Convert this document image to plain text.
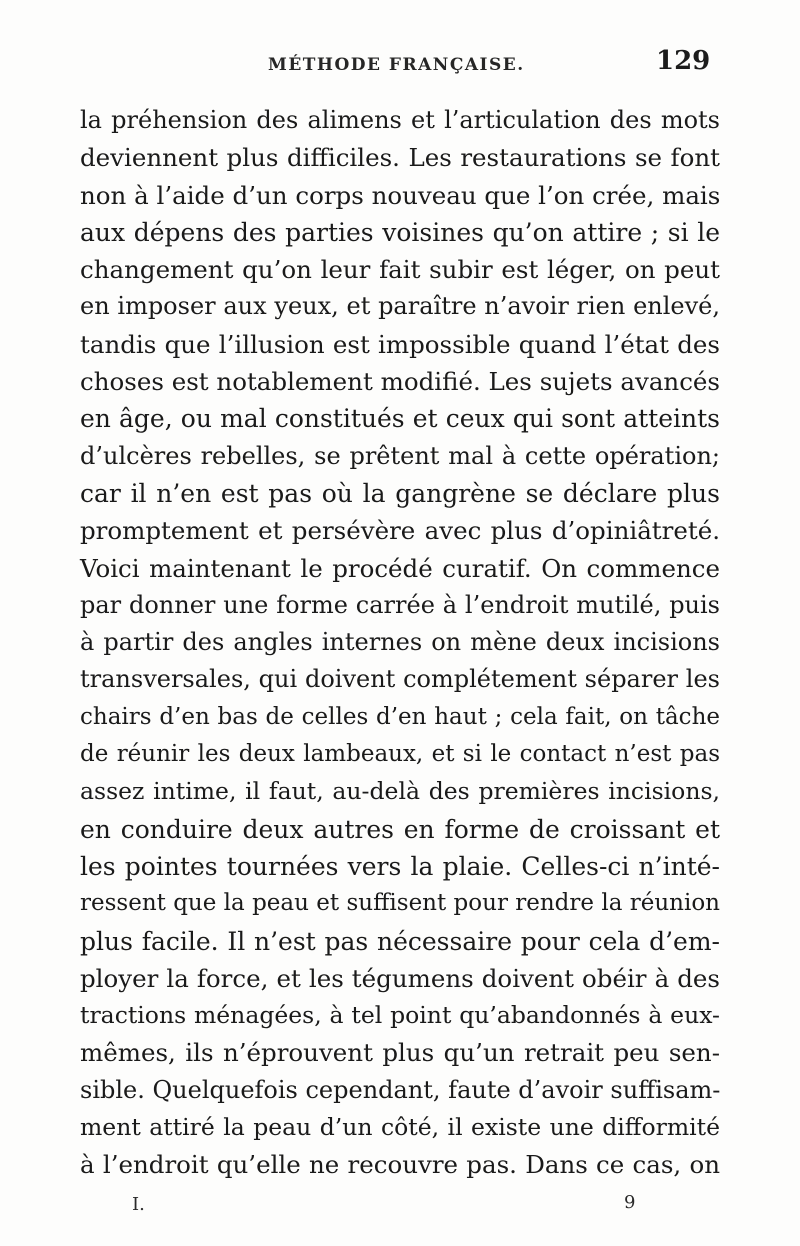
MÉTHODE FRANÇAISE.	129
la préhension des alimens et l’articulation des mots
deviennent plus difficiles. Les restaurations se font
non à l’aide d’un corps nouveau que l’on crée, mais
aux dépens des parties voisines qu’on attire ; si le
changement qu’on leur fait subir est léger, on peut
en imposer aux yeux, et paraître n’avoir rien enlevé,
tandis que l’illusion est impossible quand l’état des
choses est notablement modifié. Les sujets avancés
en âge, ou mal constitués et ceux qui sont atteints
d’ulcères rebelles, se prêtent mal à cette opération;
car il n’en est pas où la gangrène se déclare plus
promptement et persévère avec plus d’opiniâtreté.
Voici maintenant le procédé curatif. On commence
par donner une forme carrée à l’endroit mutilé, puis
à partir des angles internes on mène deux incisions
transversales, qui doivent complétement séparer les
chairs d’en bas de celles d’en haut ; cela fait, on tâche
de réunir les deux lambeaux, et si le contact n’est pas
assez intime, il faut, au-delà des premières incisions,
en conduire deux autres en forme de croissant et
les pointes tournées vers la plaie. Celles-ci n’inté-
ressent que la peau et suffisent pour rendre la réunion
plus facile. Il n’est pas nécessaire pour cela d’em-
ployer la force, et les tégumens doivent obéir à des
tractions ménagées, à tel point qu’abandonnés à eux-
mêmes, ils n’éprouvent plus qu’un retrait peu sen-
sible. Quelquefois cependant, faute d’avoir suffisam-
ment attiré la peau d’un côté, il existe une difformité
à l’endroit qu’elle ne recouvre pas. Dans ce cas, on
I.	9
